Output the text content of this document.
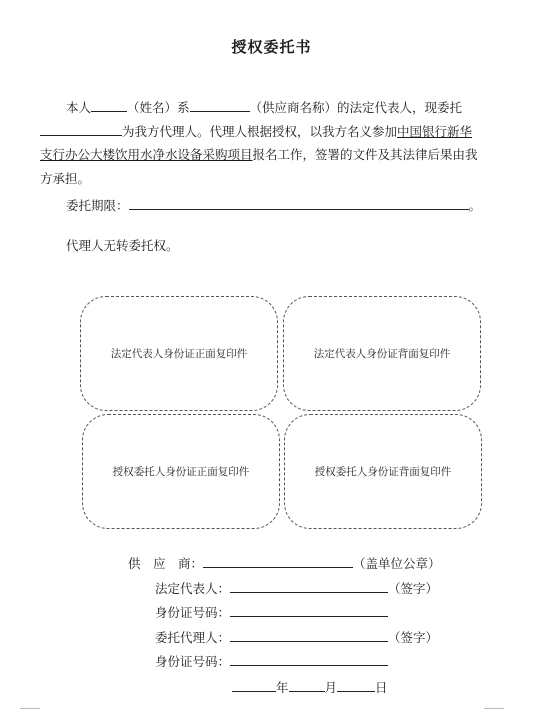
授权委托书
本人	（姓名）系	（供应商名称）的法定代表人，现委托
为我方代理人。代理人根据授权，以我方名义参加中国银行新华
支行办公大楼饮用水净水设备采购项目报名工作，签署的文件及其法律后果由我
方承担。
委托期限：	。
代理人无转委托权。
法定代表人身份证正面复印件	法定代表人身份证背面复印件
授权委托人身份证正面复印件	授权委托人身份证背面复印件
供　应　商：	（盖单位公章）
法定代表人：	（签字）
身份证号码：
委托代理人：	（签字）
身份证号码：
年	月	日
